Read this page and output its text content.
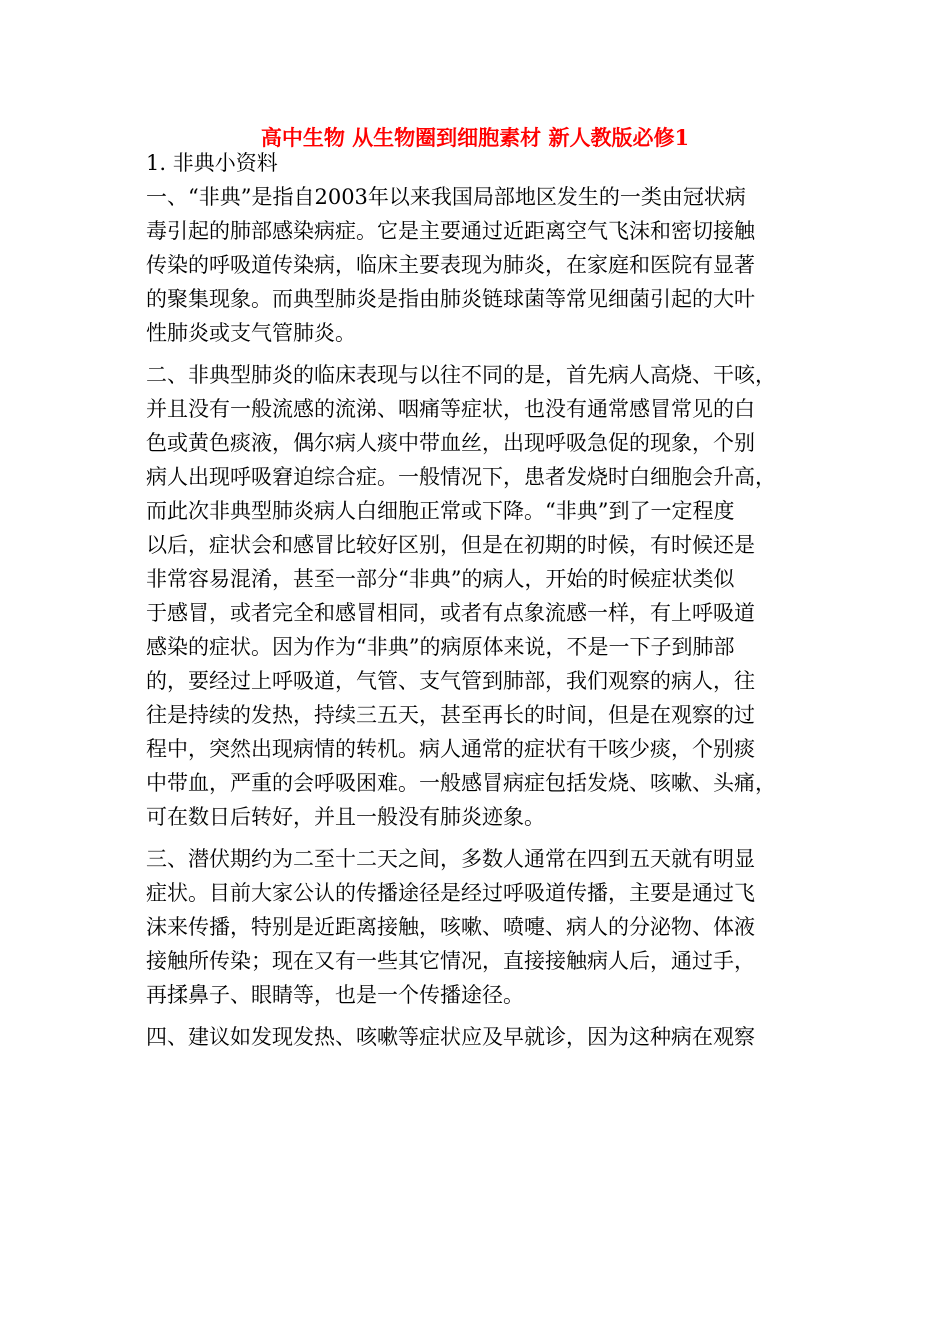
高中生物 从生物圈到细胞素材 新人教版必修1
1. 非典小资料
一、“非典”是指自2003年以来我国局部地区发生的一类由冠状病
毒引起的肺部感染病症。它是主要通过近距离空气飞沫和密切接触
传染的呼吸道传染病，临床主要表现为肺炎，在家庭和医院有显著
的聚集现象。而典型肺炎是指由肺炎链球菌等常见细菌引起的大叶
性肺炎或支气管肺炎。
二、非典型肺炎的临床表现与以往不同的是，首先病人高烧、干咳，
并且没有一般流感的流涕、咽痛等症状，也没有通常感冒常见的白
色或黄色痰液，偶尔病人痰中带血丝，出现呼吸急促的现象，个别
病人出现呼吸窘迫综合症。一般情况下，患者发烧时白细胞会升高，
而此次非典型肺炎病人白细胞正常或下降。“非典”到了一定程度
以后，症状会和感冒比较好区别，但是在初期的时候，有时候还是
非常容易混淆，甚至一部分“非典”的病人，开始的时候症状类似
于感冒，或者完全和感冒相同，或者有点象流感一样，有上呼吸道
感染的症状。因为作为“非典”的病原体来说，不是一下子到肺部
的，要经过上呼吸道，气管、支气管到肺部，我们观察的病人，往
往是持续的发热，持续三五天，甚至再长的时间，但是在观察的过
程中，突然出现病情的转机。病人通常的症状有干咳少痰，个别痰
中带血，严重的会呼吸困难。一般感冒病症包括发烧、咳嗽、头痛，
可在数日后转好，并且一般没有肺炎迹象。
三、潜伏期约为二至十二天之间，多数人通常在四到五天就有明显
症状。目前大家公认的传播途径是经过呼吸道传播，主要是通过飞
沫来传播，特别是近距离接触，咳嗽、喷嚏、病人的分泌物、体液
接触所传染；现在又有一些其它情况，直接接触病人后，通过手，
再揉鼻子、眼睛等，也是一个传播途径。
四、建议如发现发热、咳嗽等症状应及早就诊，因为这种病在观察
